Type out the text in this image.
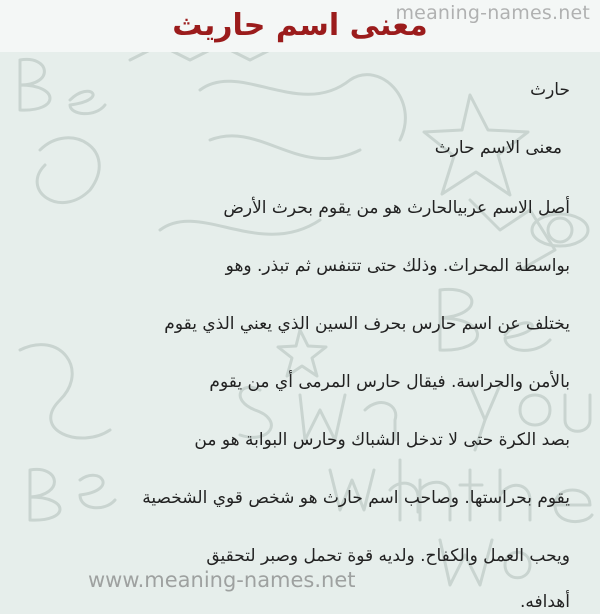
معنى اسم حاريث
meaning-names.net
حارث
معنى الاسم حارث
أصل الاسم عربيالحارث هو من يقوم بحرث الأرض
بواسطة المحراث. وذلك حتى تتنفس ثم تبذر. وهو
يختلف عن اسم حارس بحرف السين الذي يعني الذي يقوم
بالأمن والحراسة. فيقال حارس المرمى أي من يقوم
بصد الكرة حتى لا تدخل الشباك وحارس البوابة هو من
يقوم بحراستها. وصاحب اسم حارث هو شخص قوي الشخصية
ويحب العمل والكفاح. ولديه قوة تحمل وصبر لتحقيق
أهدافه.
www.meaning-names.net
